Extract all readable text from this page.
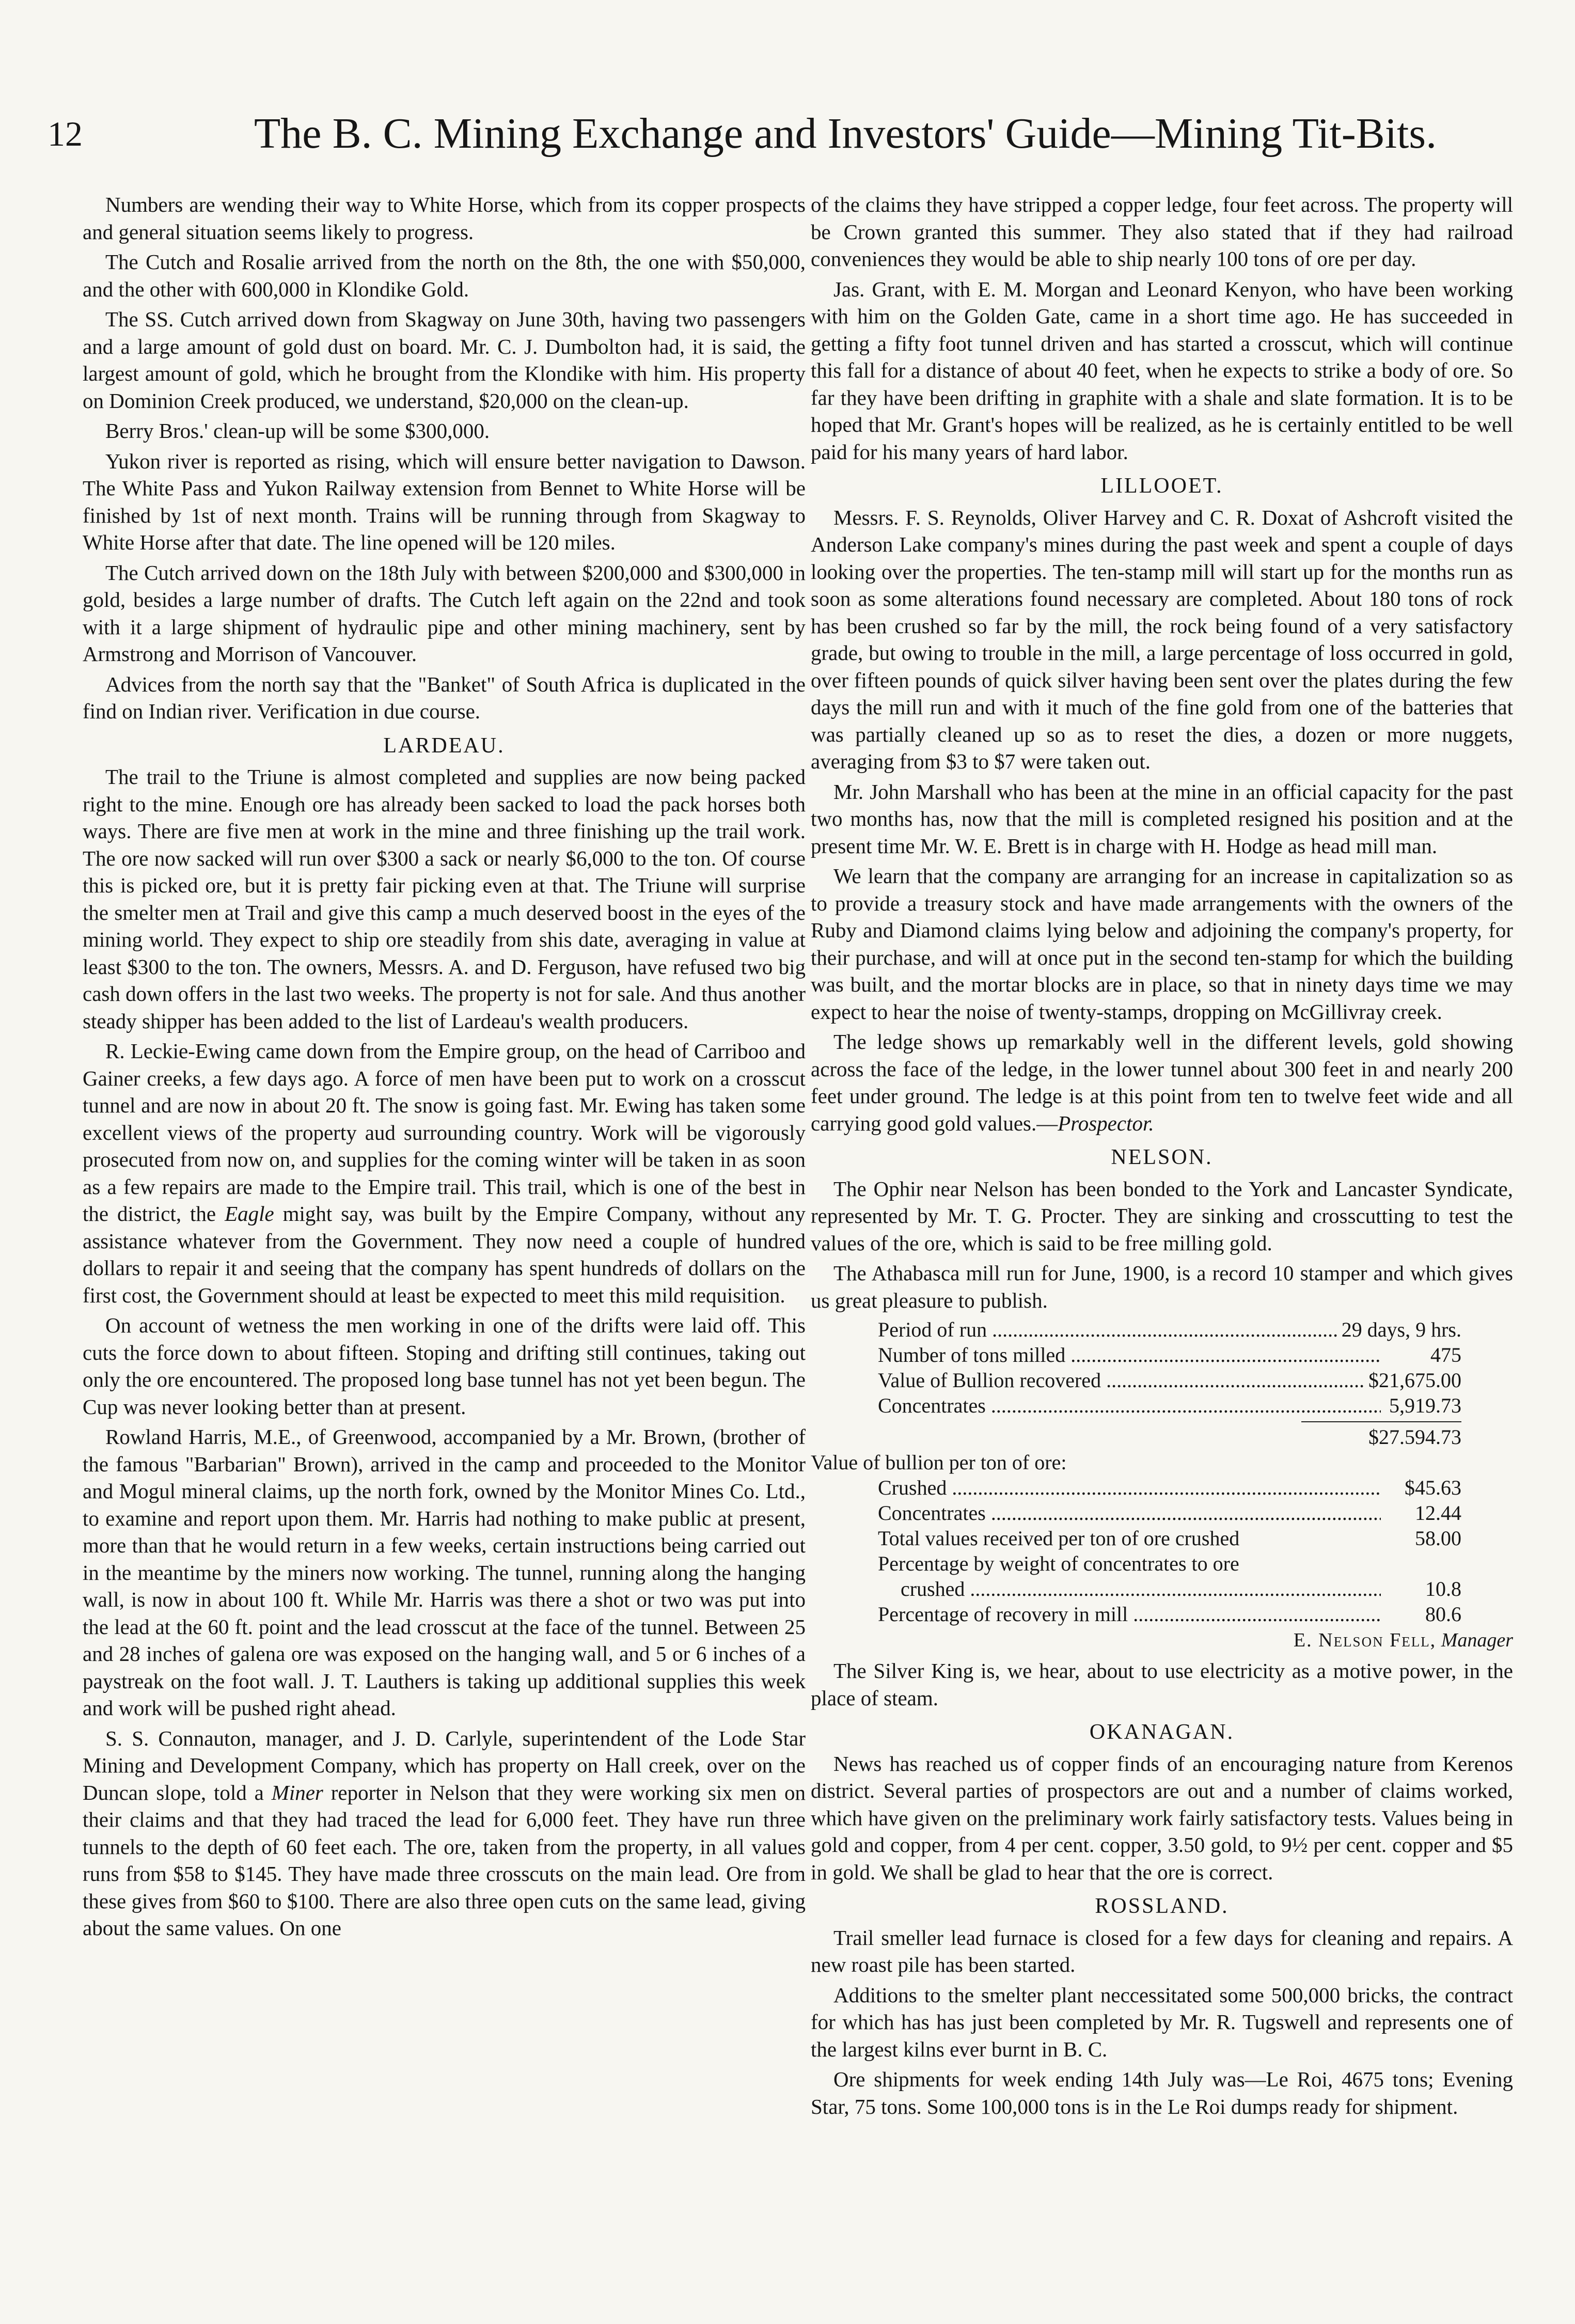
12	The B. C. Mining Exchange and Investors' Guide—Mining Tit-Bits.

Numbers are wending their way to White Horse, which from its copper prospects and general situation seems likely to progress.

The Cutch and Rosalie arrived from the north on the 8th, the one with $50,000, and the other with 600,000 in Klondike Gold.

The SS. Cutch arrived down from Skagway on June 30th, having two passengers and a large amount of gold dust on board. Mr. C. J. Dumbolton had, it is said, the largest amount of gold, which he brought from the Klondike with him. His property on Dominion Creek produced, we understand, $20,000 on the clean-up.

Berry Bros.' clean-up will be some $300,000.

Yukon river is reported as rising, which will ensure better navigation to Dawson. The White Pass and Yukon Railway extension from Bennet to White Horse will be finished by 1st of next month. Trains will be running through from Skagway to White Horse after that date. The line opened will be 120 miles.

The Cutch arrived down on the 18th July with between $200,000 and $300,000 in gold, besides a large number of drafts. The Cutch left again on the 22nd and took with it a large shipment of hydraulic pipe and other mining machinery, sent by Armstrong and Morrison of Vancouver.

Advices from the north say that the "Banket" of South Africa is duplicated in the find on Indian river. Verification in due course.

LARDEAU.

The trail to the Triune is almost completed and supplies are now being packed right to the mine. Enough ore has already been sacked to load the pack horses both ways. There are five men at work in the mine and three finishing up the trail work. The ore now sacked will run over $300 a sack or nearly $6,000 to the ton. Of course this is picked ore, but it is pretty fair picking even at that. The Triune will surprise the smelter men at Trail and give this camp a much deserved boost in the eyes of the mining world. They expect to ship ore steadily from shis date, averaging in value at least $300 to the ton. The owners, Messrs. A. and D. Ferguson, have refused two big cash down offers in the last two weeks. The property is not for sale. And thus another steady shipper has been added to the list of Lardeau's wealth producers.

R. Leckie-Ewing came down from the Empire group, on the head of Carriboo and Gainer creeks, a few days ago. A force of men have been put to work on a crosscut tunnel and are now in about 20 ft. The snow is going fast. Mr. Ewing has taken some excellent views of the property aud surrounding country. Work will be vigorously prosecuted from now on, and supplies for the coming winter will be taken in as soon as a few repairs are made to the Empire trail. This trail, which is one of the best in the district, the Eagle might say, was built by the Empire Company, without any assistance whatever from the Government. They now need a couple of hundred dollars to repair it and seeing that the company has spent hundreds of dollars on the first cost, the Government should at least be expected to meet this mild requisition.

On account of wetness the men working in one of the drifts were laid off. This cuts the force down to about fifteen. Stoping and drifting still continues, taking out only the ore encountered. The proposed long base tunnel has not yet been begun. The Cup was never looking better than at present.

Rowland Harris, M.E., of Greenwood, accompanied by a Mr. Brown, (brother of the famous "Barbarian" Brown), arrived in the camp and proceeded to the Monitor and Mogul mineral claims, up the north fork, owned by the Monitor Mines Co. Ltd., to examine and report upon them. Mr. Harris had nothing to make public at present, more than that he would return in a few weeks, certain instructions being carried out in the meantime by the miners now working. The tunnel, running along the hanging wall, is now in about 100 ft. While Mr. Harris was there a shot or two was put into the lead at the 60 ft. point and the lead crosscut at the face of the tunnel. Between 25 and 28 inches of galena ore was exposed on the hanging wall, and 5 or 6 inches of a paystreak on the foot wall. J. T. Lauthers is taking up additional supplies this week and work will be pushed right ahead.

S. S. Connauton, manager, and J. D. Carlyle, superintendent of the Lode Star Mining and Development Company, which has property on Hall creek, over on the Duncan slope, told a Miner reporter in Nelson that they were working six men on their claims and that they had traced the lead for 6,000 feet. They have run three tunnels to the depth of 60 feet each. The ore, taken from the property, in all values runs from $58 to $145. They have made three crosscuts on the main lead. Ore from these gives from $60 to $100. There are also three open cuts on the same lead, giving about the same values. On one

of the claims they have stripped a copper ledge, four feet across. The property will be Crown granted this summer. They also stated that if they had railroad conveniences they would be able to ship nearly 100 tons of ore per day.

Jas. Grant, with E. M. Morgan and Leonard Kenyon, who have been working with him on the Golden Gate, came in a short time ago. He has succeeded in getting a fifty foot tunnel driven and has started a crosscut, which will continue this fall for a distance of about 40 feet, when he expects to strike a body of ore. So far they have been drifting in graphite with a shale and slate formation. It is to be hoped that Mr. Grant's hopes will be realized, as he is certainly entitled to be well paid for his many years of hard labor.

LILLOOET.

Messrs. F. S. Reynolds, Oliver Harvey and C. R. Doxat of Ashcroft visited the Anderson Lake company's mines during the past week and spent a couple of days looking over the properties. The ten-stamp mill will start up for the months run as soon as some alterations found necessary are completed. About 180 tons of rock has been crushed so far by the mill, the rock being found of a very satisfactory grade, but owing to trouble in the mill, a large percentage of loss occurred in gold, over fifteen pounds of quick silver having been sent over the plates during the few days the mill run and with it much of the fine gold from one of the batteries that was partially cleaned up so as to reset the dies, a dozen or more nuggets, averaging from $3 to $7 were taken out.

Mr. John Marshall who has been at the mine in an official capacity for the past two months has, now that the mill is completed resigned his position and at the present time Mr. W. E. Brett is in charge with H. Hodge as head mill man.

We learn that the company are arranging for an increase in capitalization so as to provide a treasury stock and have made arrangements with the owners of the Ruby and Diamond claims lying below and adjoining the company's property, for their purchase, and will at once put in the second ten-stamp for which the building was built, and the mortar blocks are in place, so that in ninety days time we may expect to hear the noise of twenty-stamps, dropping on McGillivray creek.

The ledge shows up remarkably well in the different levels, gold showing across the face of the ledge, in the lower tunnel about 300 feet in and nearly 200 feet under ground. The ledge is at this point from ten to twelve feet wide and all carrying good gold values.—Prospector.

NELSON.

The Ophir near Nelson has been bonded to the York and Lancaster Syndicate, represented by Mr. T. G. Procter. They are sinking and crosscutting to test the values of the ore, which is said to be free milling gold.

The Athabasca mill run for June, 1900, is a record 10 stamper and which gives us great pleasure to publish.

Period of run .....	29 days, 9 hrs.
Number of tons milled .....	475
Value of Bullion recovered .....	$21,675.00
Concentrates .....	5,919.73
$27.594.73
Value of bullion per ton of ore:
Crushed .....	$45.63
Concentrates .....	12.44
Total values received per ton of ore crushed	58.00
Percentage by weight of concentrates to ore
crushed .....	10.8
Percentage of recovery in mill .....	80.6
E. Nelson Fell, Manager

The Silver King is, we hear, about to use electricity as a motive power, in the place of steam.

OKANAGAN.

News has reached us of copper finds of an encouraging nature from Kerenos district. Several parties of prospectors are out and a number of claims worked, which have given on the preliminary work fairly satisfactory tests. Values being in gold and copper, from 4 per cent. copper, 3.50 gold, to 9½ per cent. copper and $5 in gold. We shall be glad to hear that the ore is correct.

ROSSLAND.

Trail smeller lead furnace is closed for a few days for cleaning and repairs. A new roast pile has been started.

Additions to the smelter plant neccessitated some 500,000 bricks, the contract for which has has just been completed by Mr. R. Tugswell and represents one of the largest kilns ever burnt in B. C.

Ore shipments for week ending 14th July was—Le Roi, 4675 tons; Evening Star, 75 tons. Some 100,000 tons is in the Le Roi dumps ready for shipment.
